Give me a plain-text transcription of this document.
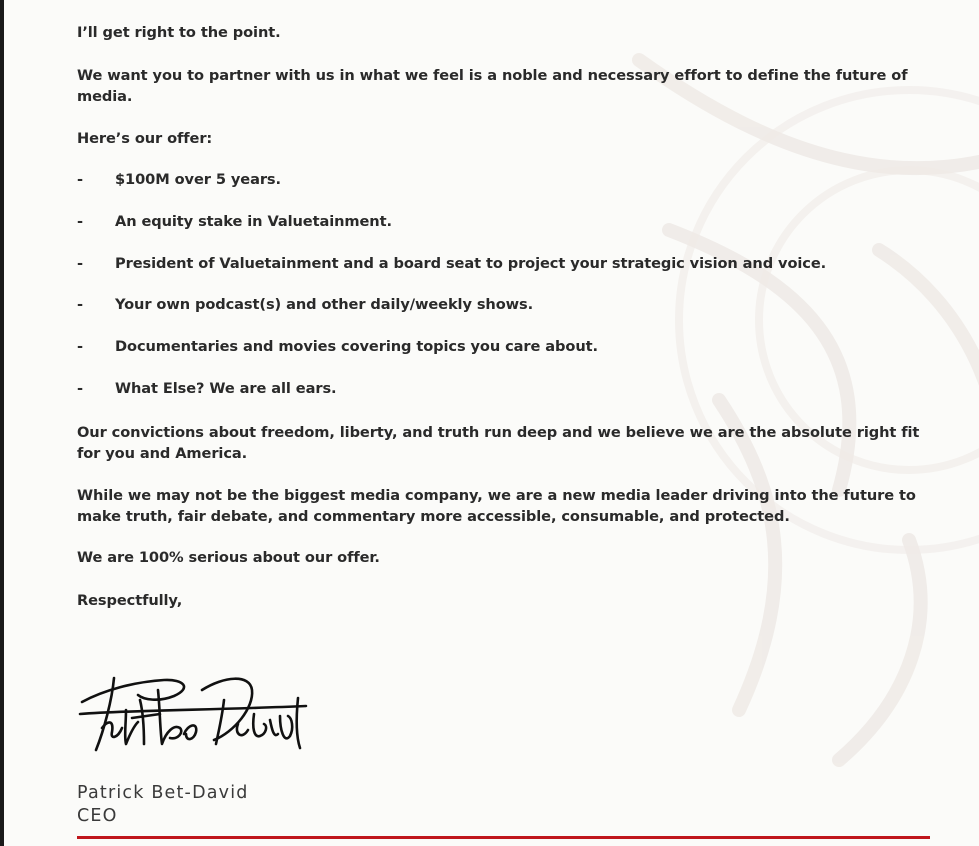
I’ll get right to the point.

We want you to partner with us in what we feel is a noble and necessary effort to define the future of

media.

Here’s our offer:

- $100M over 5 years.
- An equity stake in Valuetainment.
- President of Valuetainment and a board seat to project your strategic vision and voice.
- Your own podcast(s) and other daily/weekly shows.
- Documentaries and movies covering topics you care about.
- What Else? We are all ears.

Our convictions about freedom, liberty, and truth run deep and we believe we are the absolute right fit

for you and America.

While we may not be the biggest media company, we are a new media leader driving into the future to

make truth, fair debate, and commentary more accessible, consumable, and protected.

We are 100% serious about our offer.

Respectfully,

Patrick Bet-David
CEO
